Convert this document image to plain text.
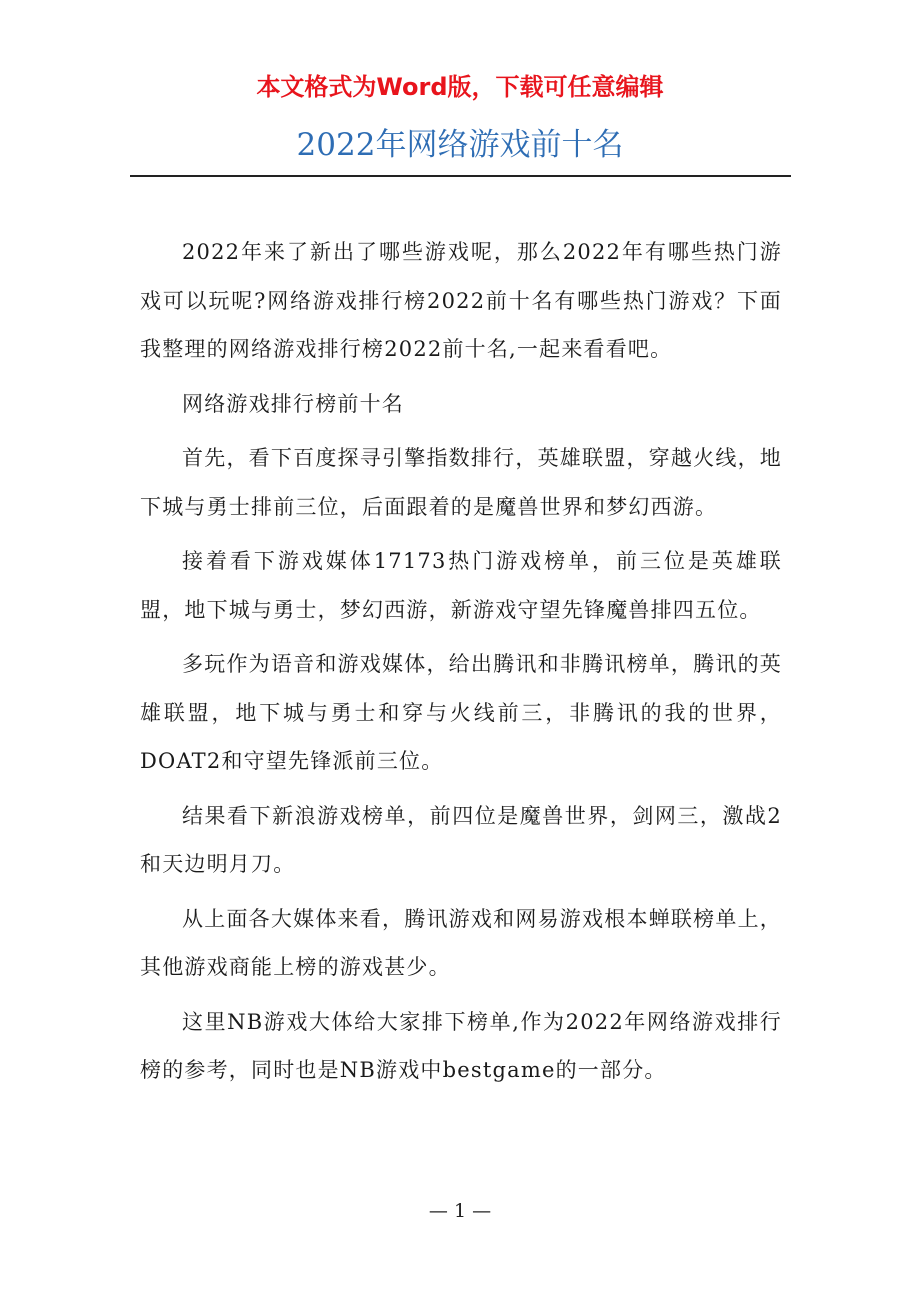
本文格式为Word版，下载可任意编辑
2022年网络游戏前十名

2022年来了新出了哪些游戏呢，那么2022年有哪些热门游戏可以玩呢?网络游戏排行榜2022前十名有哪些热门游戏？下面我整理的网络游戏排行榜2022前十名,一起来看看吧。

网络游戏排行榜前十名

首先，看下百度探寻引擎指数排行，英雄联盟，穿越火线，地下城与勇士排前三位，后面跟着的是魔兽世界和梦幻西游。

接着看下游戏媒体17173热门游戏榜单，前三位是英雄联盟，地下城与勇士，梦幻西游，新游戏守望先锋魔兽排四五位。

多玩作为语音和游戏媒体，给出腾讯和非腾讯榜单，腾讯的英雄联盟，地下城与勇士和穿与火线前三，非腾讯的我的世界，DOAT2和守望先锋派前三位。

结果看下新浪游戏榜单，前四位是魔兽世界，剑网三，激战2和天边明月刀。

从上面各大媒体来看，腾讯游戏和网易游戏根本蝉联榜单上，其他游戏商能上榜的游戏甚少。

这里NB游戏大体给大家排下榜单,作为2022年网络游戏排行榜的参考，同时也是NB游戏中bestgame的一部分。

— 1 —
